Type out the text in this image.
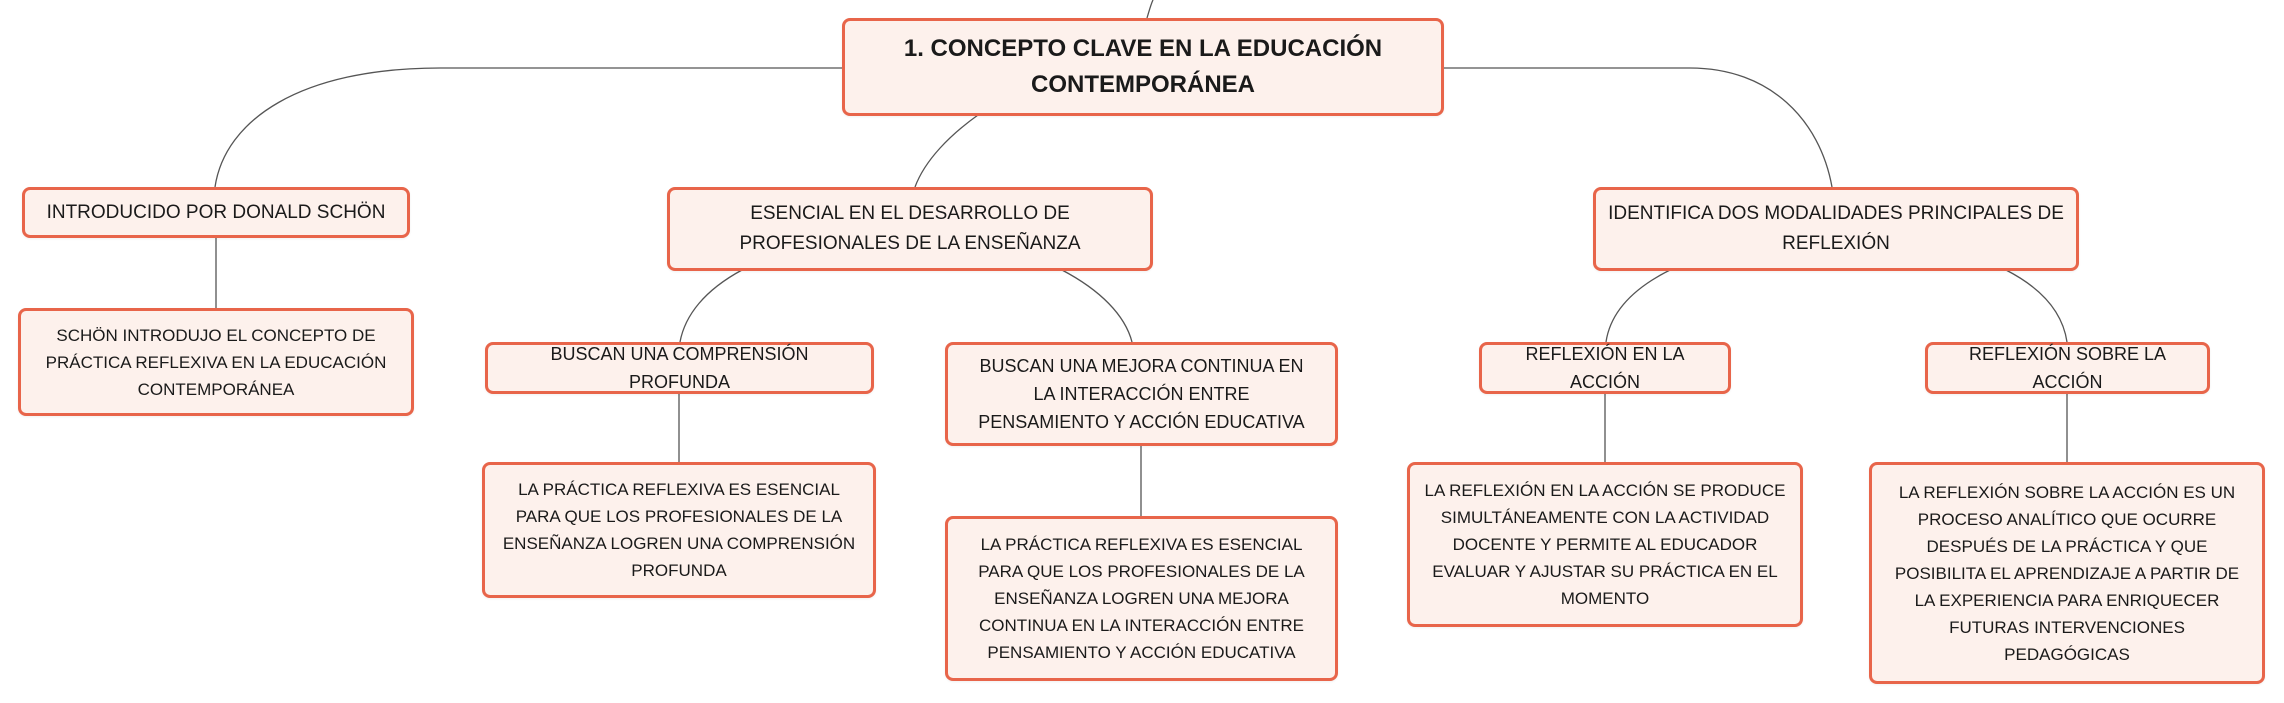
1. CONCEPTO CLAVE EN LA EDUCACIÓN CONTEMPORÁNEA
INTRODUCIDO POR DONALD SCHÖN	ESENCIAL EN EL DESARROLLO DE PROFESIONALES DE LA ENSEÑANZA
IDENTIFICA DOS MODALIDADES PRINCIPALES DE REFLEXIÓN
SCHÖN INTRODUJO EL CONCEPTO DE PRÁCTICA REFLEXIVA EN LA EDUCACIÓN CONTEMPORÁNEA
BUSCAN UNA COMPRENSIÓN PROFUNDA
BUSCAN UNA MEJORA CONTINUA EN LA INTERACCIÓN ENTRE PENSAMIENTO Y ACCIÓN EDUCATIVA
REFLEXIÓN EN LA ACCIÓN
REFLEXIÓN SOBRE LA ACCIÓN
LA PRÁCTICA REFLEXIVA ES ESENCIAL PARA QUE LOS PROFESIONALES DE LA ENSEÑANZA LOGREN UNA COMPRENSIÓN PROFUNDA
LA PRÁCTICA REFLEXIVA ES ESENCIAL PARA QUE LOS PROFESIONALES DE LA ENSEÑANZA LOGREN UNA MEJORA CONTINUA EN LA INTERACCIÓN ENTRE PENSAMIENTO Y ACCIÓN EDUCATIVA
LA REFLEXIÓN EN LA ACCIÓN SE PRODUCE SIMULTÁNEAMENTE CON LA ACTIVIDAD DOCENTE Y PERMITE AL EDUCADOR EVALUAR Y AJUSTAR SU PRÁCTICA EN EL MOMENTO
LA REFLEXIÓN SOBRE LA ACCIÓN ES UN PROCESO ANALÍTICO QUE OCURRE DESPUÉS DE LA PRÁCTICA Y QUE POSIBILITA EL APRENDIZAJE A PARTIR DE LA EXPERIENCIA PARA ENRIQUECER FUTURAS INTERVENCIONES PEDAGÓGICAS
